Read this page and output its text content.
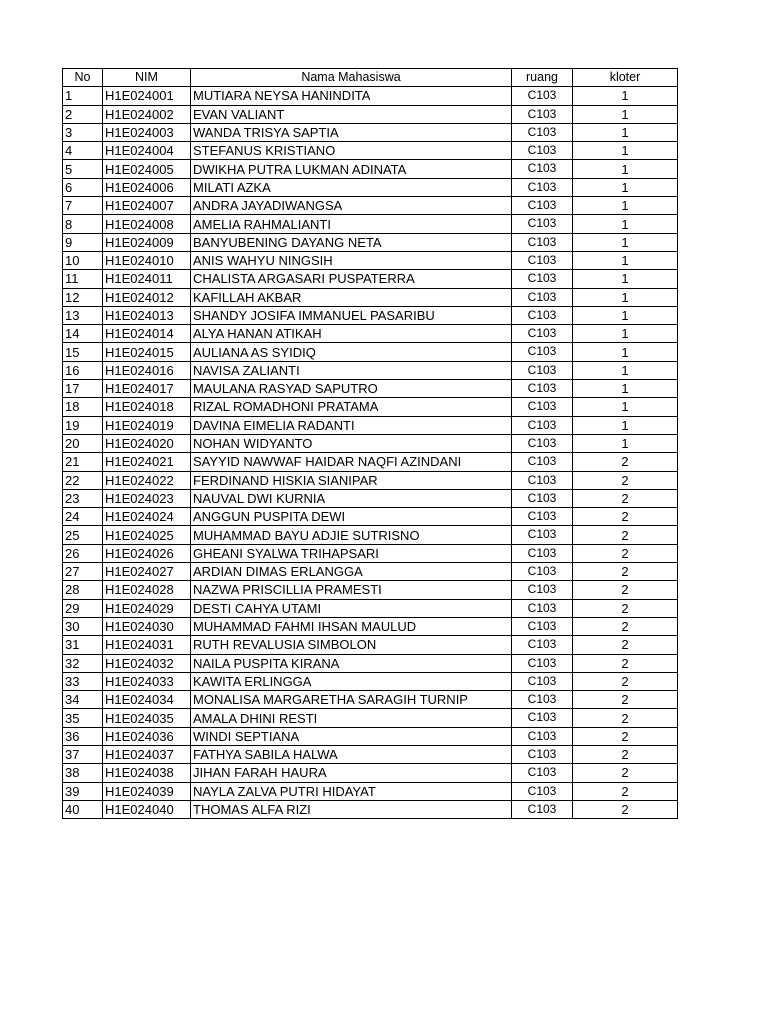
No	NIM	Nama Mahasiswa	ruang	kloter
1	H1E024001	MUTIARA NEYSA HANINDITA	C103	1
2	H1E024002	EVAN VALIANT	C103	1
3	H1E024003	WANDA TRISYA SAPTIA	C103	1
4	H1E024004	STEFANUS KRISTIANO	C103	1
5	H1E024005	DWIKHA PUTRA LUKMAN ADINATA	C103	1
6	H1E024006	MILATI AZKA	C103	1
7	H1E024007	ANDRA JAYADIWANGSA	C103	1
8	H1E024008	AMELIA RAHMALIANTI	C103	1
9	H1E024009	BANYUBENING DAYANG NETA	C103	1
10	H1E024010	ANIS WAHYU NINGSIH	C103	1
11	H1E024011	CHALISTA ARGASARI PUSPATERRA	C103	1
12	H1E024012	KAFILLAH AKBAR	C103	1
13	H1E024013	SHANDY JOSIFA IMMANUEL PASARIBU	C103	1
14	H1E024014	ALYA HANAN ATIKAH	C103	1
15	H1E024015	AULIANA AS SYIDIQ	C103	1
16	H1E024016	NAVISA ZALIANTI	C103	1
17	H1E024017	MAULANA RASYAD SAPUTRO	C103	1
18	H1E024018	RIZAL ROMADHONI PRATAMA	C103	1
19	H1E024019	DAVINA EIMELIA RADANTI	C103	1
20	H1E024020	NOHAN WIDYANTO	C103	1
21	H1E024021	SAYYID NAWWAF HAIDAR NAQFI AZINDANI	C103	2
22	H1E024022	FERDINAND HISKIA SIANIPAR	C103	2
23	H1E024023	NAUVAL DWI KURNIA	C103	2
24	H1E024024	ANGGUN PUSPITA DEWI	C103	2
25	H1E024025	MUHAMMAD BAYU ADJIE SUTRISNO	C103	2
26	H1E024026	GHEANI SYALWA TRIHAPSARI	C103	2
27	H1E024027	ARDIAN DIMAS ERLANGGA	C103	2
28	H1E024028	NAZWA PRISCILLIA PRAMESTI	C103	2
29	H1E024029	DESTI CAHYA UTAMI	C103	2
30	H1E024030	MUHAMMAD FAHMI IHSAN MAULUD	C103	2
31	H1E024031	RUTH REVALUSIA SIMBOLON	C103	2
32	H1E024032	NAILA PUSPITA KIRANA	C103	2
33	H1E024033	KAWITA ERLINGGA	C103	2
34	H1E024034	MONALISA MARGARETHA SARAGIH TURNIP	C103	2
35	H1E024035	AMALA DHINI RESTI	C103	2
36	H1E024036	WINDI SEPTIANA	C103	2
37	H1E024037	FATHYA SABILA HALWA	C103	2
38	H1E024038	JIHAN FARAH HAURA	C103	2
39	H1E024039	NAYLA ZALVA PUTRI HIDAYAT	C103	2
40	H1E024040	THOMAS ALFA RIZI	C103	2
